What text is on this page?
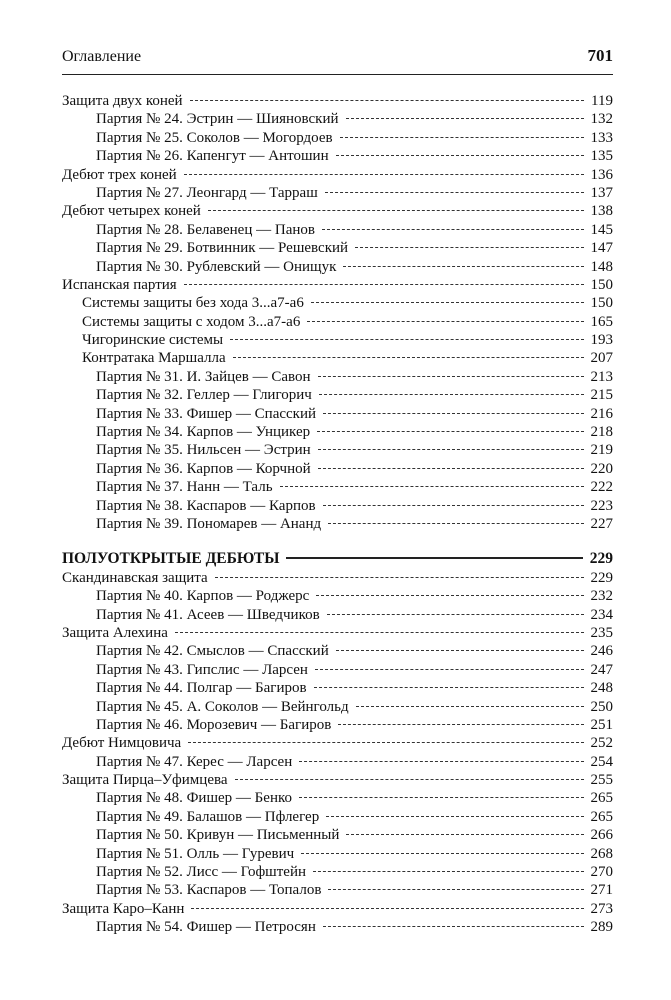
Оглавление	701
Защита двух коней	119
Партия № 24. Эстрин — Шияновский	132
Партия № 25. Соколов — Могордоев	133
Партия № 26. Капенгут — Антошин	135
Дебют трех коней	136
Партия № 27. Леонгард — Тарраш	137
Дебют четырех коней	138
Партия № 28. Белавенец — Панов	145
Партия № 29. Ботвинник — Решевский	147
Партия № 30. Рублевский — Онищук	148
Испанская партия	150
Системы защиты без хода 3...a7-a6	150
Системы защиты с ходом 3...a7-a6	165
Чигоринские системы	193
Контратака Маршалла	207
Партия № 31. И. Зайцев — Савон	213
Партия № 32. Геллер — Глигорич	215
Партия № 33. Фишер — Спасский	216
Партия № 34. Карпов — Унцикер	218
Партия № 35. Нильсен — Эстрин	219
Партия № 36. Карпов — Корчной	220
Партия № 37. Нанн — Таль	222
Партия № 38. Каспаров — Карпов	223
Партия № 39. Пономарев — Ананд	227
ПОЛУОТКРЫТЫЕ ДЕБЮТЫ	229
Скандинавская защита	229
Партия № 40. Карпов — Роджерс	232
Партия № 41. Асеев — Шведчиков	234
Защита Алехина	235
Партия № 42. Смыслов — Спасский	246
Партия № 43. Гипслис — Ларсен	247
Партия № 44. Полгар — Багиров	248
Партия № 45. А. Соколов — Вейнгольд	250
Партия № 46. Морозевич — Багиров	251
Дебют Нимцовича	252
Партия № 47. Керес — Ларсен	254
Защита Пирца–Уфимцева	255
Партия № 48. Фишер — Бенко	265
Партия № 49. Балашов — Пфлегер	265
Партия № 50. Кривун — Письменный	266
Партия № 51. Олль — Гуревич	268
Партия № 52. Лисс — Гофштейн	270
Партия № 53. Каспаров — Топалов	271
Защита Каро–Канн	273
Партия № 54. Фишер — Петросян	289
